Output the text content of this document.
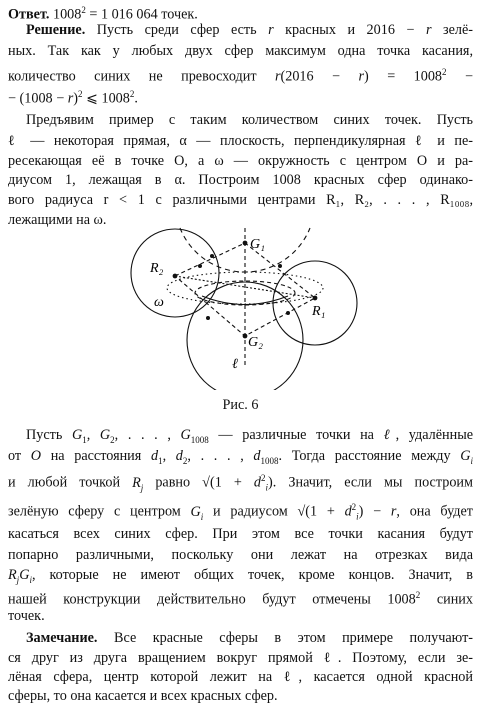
Ответ. $1008^2 = 1$ 016 064 точек.
Решение. Пусть среди сфер есть r красных и 2016 − r зелё-
ных. Так как у любых двух сфер максимум одна точка касания,
количество синих не превосходит $r(2016 - r) = 1008^2$ −
− $(1008 - r)^2$ ⩽ 1008$^2$.
Предъявим пример с таким количеством синих точек. Пусть
ℓ — некоторая прямая, α — плоскость, перпендикулярная ℓ и пе-
ресекающая её в точке O, а ω — окружность с центром O и ра-
диусом 1, лежащая в α. Построим 1008 красных сфер одинако-
вого радиуса r < 1 с различными центрами R₁, R₂, . . . , R₁₀₀₈,
лежащими на ω.
G₁
G₂
R₂
R₁
ω
ℓ
Рис. 6
Пусть $G_1$, $G_2$, . . . , $G_{1008}$ — различные точки на ℓ, удалённые
от O на расстояния $d_1$, $d_2$, . . . , $d_{1008}$. Тогда расстояние между $G_i$
и любой точкой $R_j$ равно $√(1 + d^2_i)$. Значит, если мы построим
зелёную сферу с центром $G_i$ и радиусом $√(1 + d^2_i) - r$, она будет
касаться всех синих сфер. При этом все точки касания будут
попарно различными, поскольку они лежат на отрезках вида
$R_jG_i$, которые не имеют общих точек, кроме концов. Значит, в
нашей конструкции действительно будут отмечены 1008$^2$ синих
точек.
Замечание. Все красные сферы в этом примере получают-
ся друг из друга вращением вокруг прямой ℓ. Поэтому, если зе-
лёная сфера, центр которой лежит на ℓ, касается одной красной
сферы, то она касается и всех красных сфер.
